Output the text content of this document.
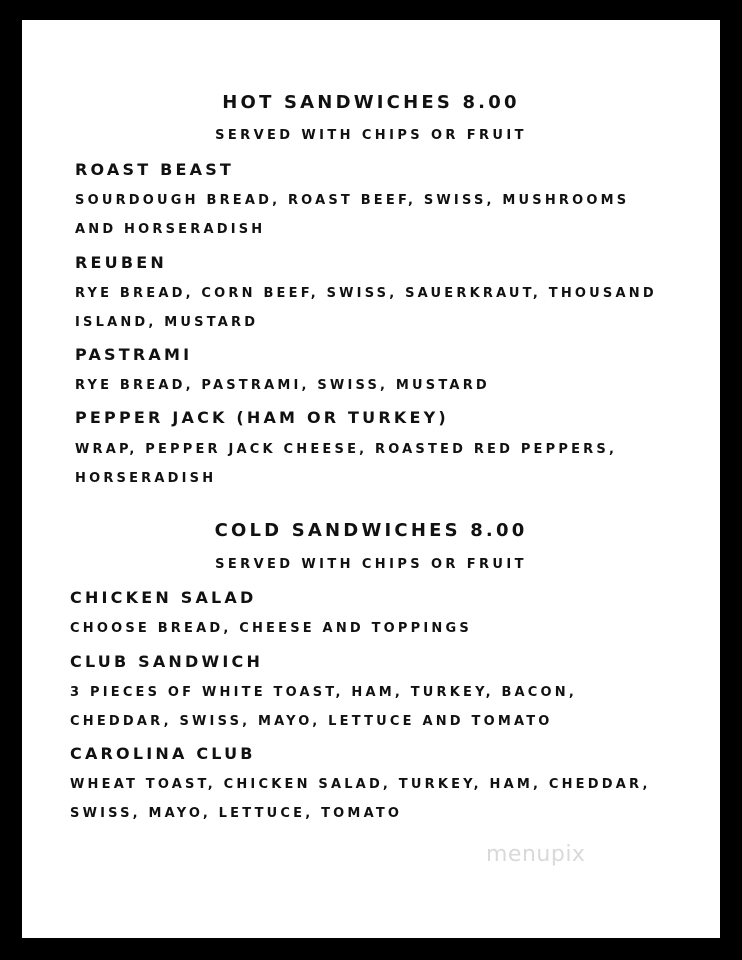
HOT SANDWICHES 8.00
SERVED WITH CHIPS OR FRUIT
ROAST BEAST
SOURDOUGH BREAD, ROAST BEEF, SWISS, MUSHROOMS
AND HORSERADISH
REUBEN
RYE BREAD, CORN BEEF, SWISS, SAUERKRAUT, THOUSAND
ISLAND, MUSTARD
PASTRAMI
RYE BREAD, PASTRAMI, SWISS, MUSTARD
PEPPER JACK (HAM OR TURKEY)
WRAP, PEPPER JACK CHEESE, ROASTED RED PEPPERS,
HORSERADISH
COLD SANDWICHES 8.00
SERVED WITH CHIPS OR FRUIT
CHICKEN SALAD
CHOOSE BREAD, CHEESE AND TOPPINGS
CLUB SANDWICH
3 PIECES OF WHITE TOAST, HAM, TURKEY, BACON,
CHEDDAR, SWISS, MAYO, LETTUCE AND TOMATO
CAROLINA CLUB
WHEAT TOAST, CHICKEN SALAD, TURKEY, HAM, CHEDDAR,
SWISS, MAYO, LETTUCE, TOMATO
menupix
